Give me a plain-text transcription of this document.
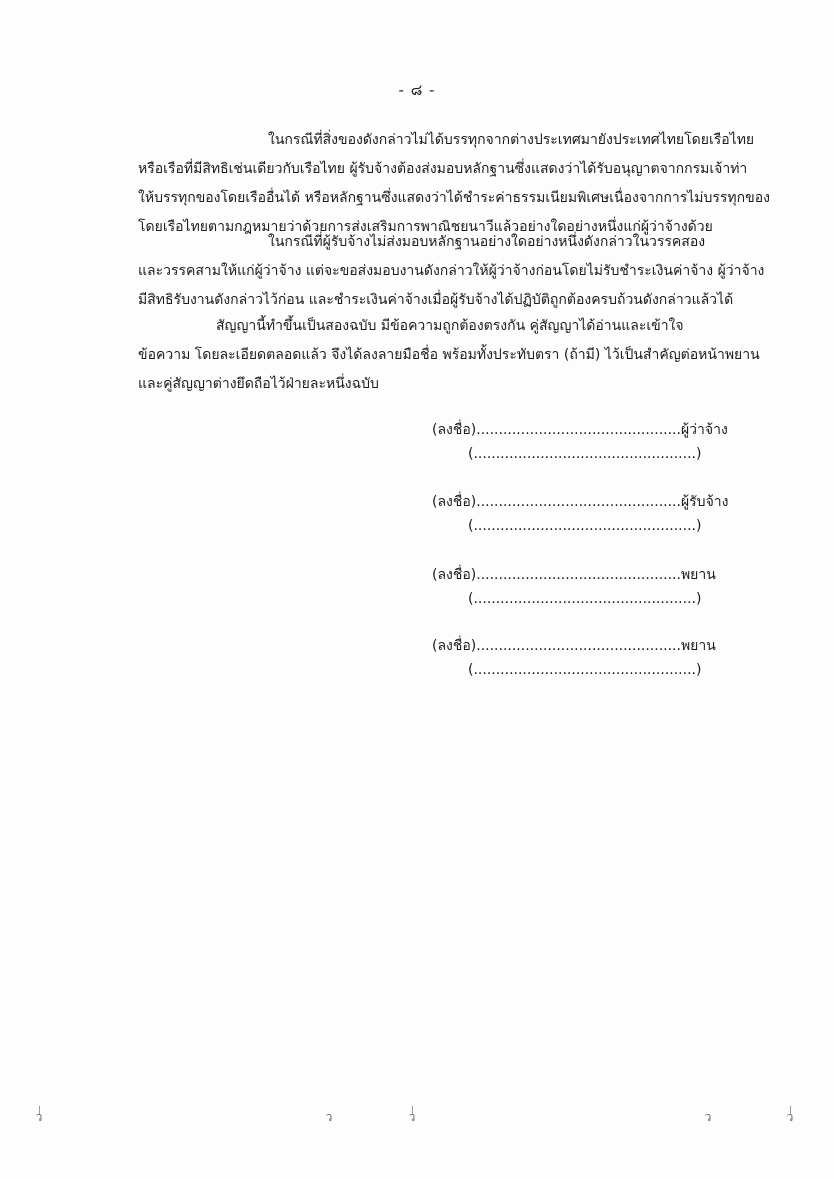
- ๘ -
ในกรณีที่สิ่งของดังกล่าวไม่ได้บรรทุกจากต่างประเทศมายังประเทศไทยโดยเรือไทย
หรือเรือที่มีสิทธิเช่นเดียวกับเรือไทย ผู้รับจ้างต้องส่งมอบหลักฐานซึ่งแสดงว่าได้รับอนุญาตจากกรมเจ้าท่า
ให้บรรทุกของโดยเรืออื่นได้ หรือหลักฐานซึ่งแสดงว่าได้ชำระค่าธรรมเนียมพิเศษเนื่องจากการไม่บรรทุกของ
โดยเรือไทยตามกฎหมายว่าด้วยการส่งเสริมการพาณิชยนาวีแล้วอย่างใดอย่างหนึ่งแก่ผู้ว่าจ้างด้วย
ในกรณีที่ผู้รับจ้างไม่ส่งมอบหลักฐานอย่างใดอย่างหนึ่งดังกล่าวในวรรคสอง
และวรรคสามให้แก่ผู้ว่าจ้าง แต่จะขอส่งมอบงานดังกล่าวให้ผู้ว่าจ้างก่อนโดยไม่รับชำระเงินค่าจ้าง ผู้ว่าจ้าง
มีสิทธิรับงานดังกล่าวไว้ก่อน และชำระเงินค่าจ้างเมื่อผู้รับจ้างได้ปฏิบัติถูกต้องครบถ้วนดังกล่าวแล้วได้
สัญญานี้ทำขึ้นเป็นสองฉบับ มีข้อความถูกต้องตรงกัน คู่สัญญาได้อ่านและเข้าใจ
ข้อความ โดยละเอียดตลอดแล้ว จึงได้ลงลายมือชื่อ พร้อมทั้งประทับตรา (ถ้ามี) ไว้เป็นสำคัญต่อหน้าพยาน
และคู่สัญญาต่างยึดถือไว้ฝ่ายละหนึ่งฉบับ
(ลงชื่อ)..............................................ผู้ว่าจ้าง
(..................................................)
(ลงชื่อ)..............................................ผู้รับจ้าง
(..................................................)
(ลงชื่อ)..............................................พยาน
(..................................................)
(ลงชื่อ)..............................................พยาน
(..................................................)
ว	ว	ว	ว	ว
